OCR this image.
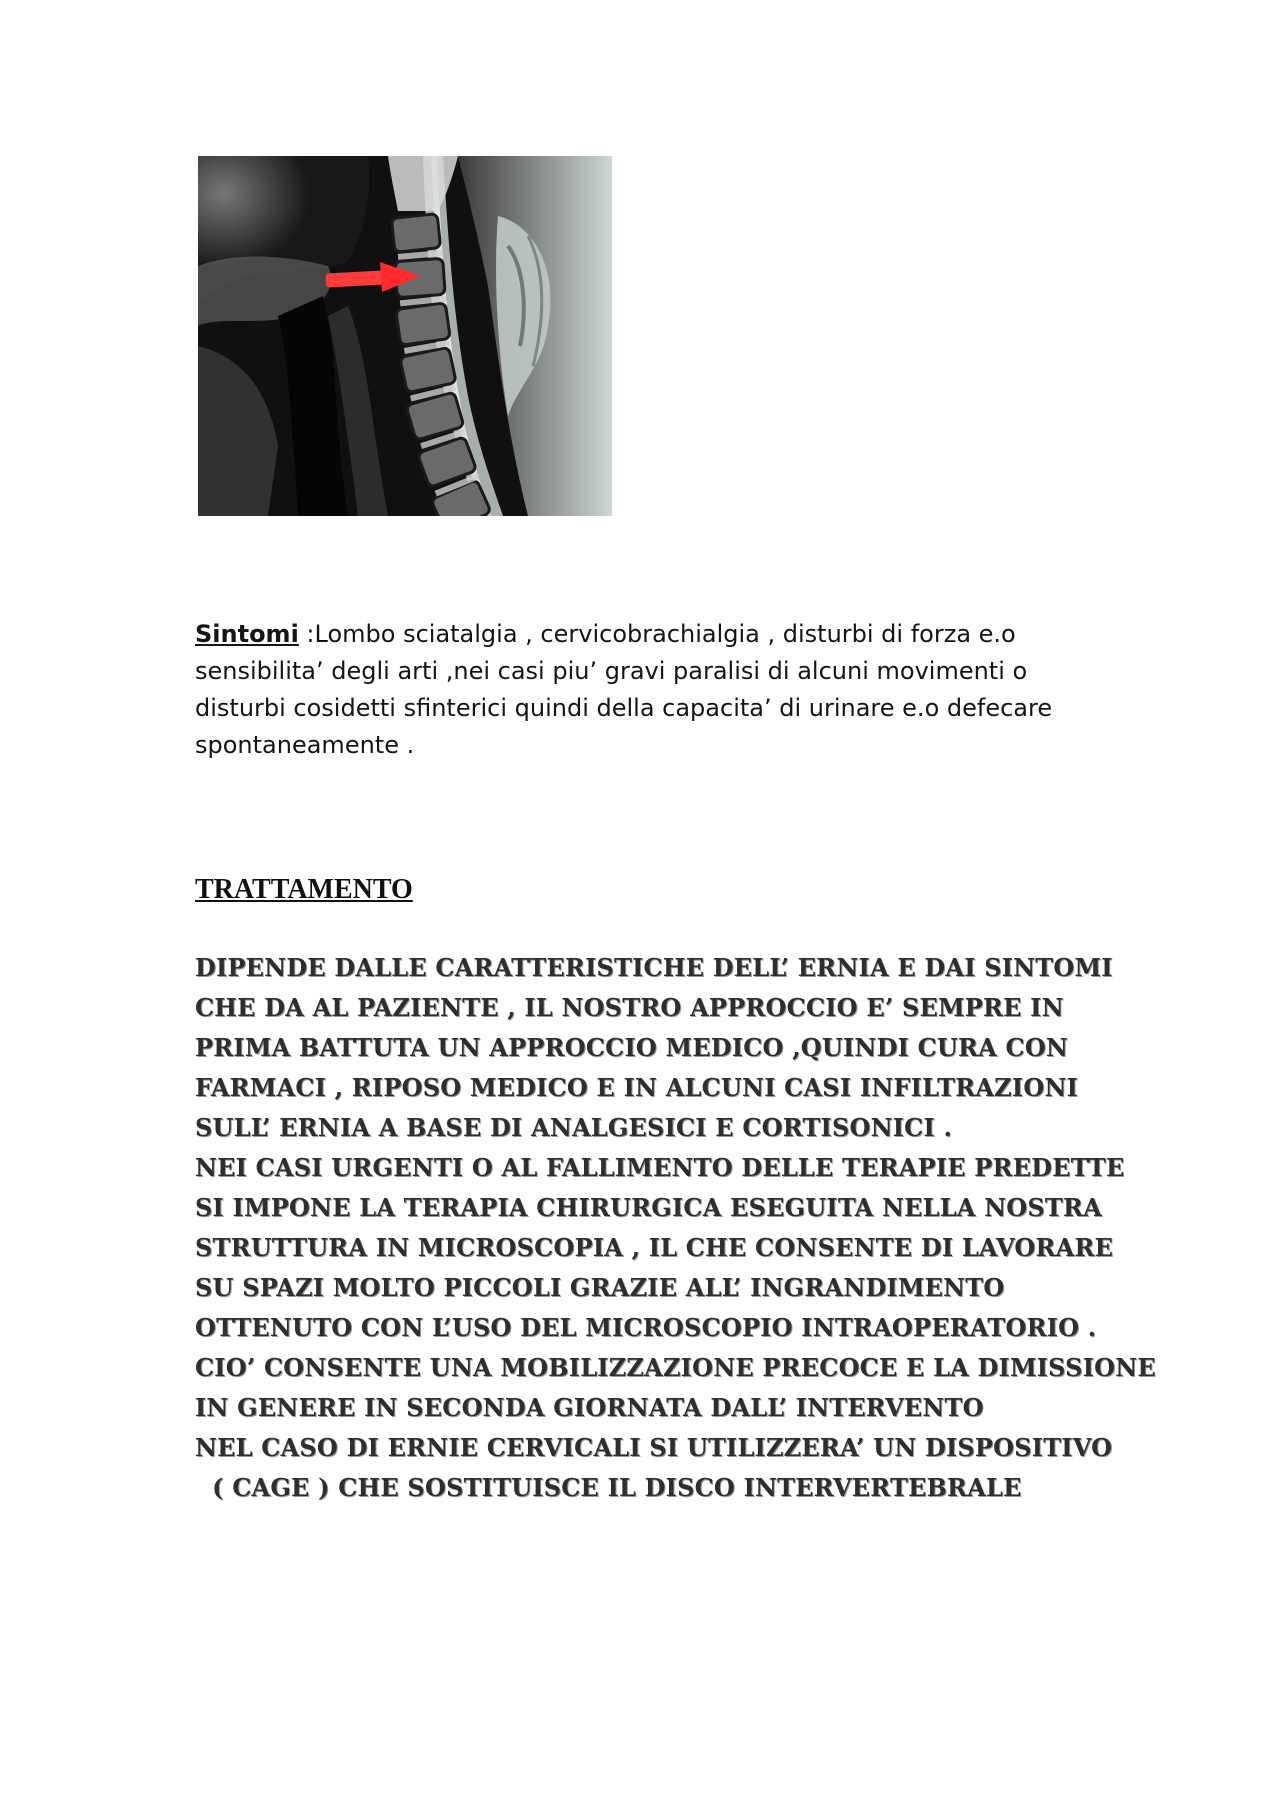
Sintomi :Lombo sciatalgia , cervicobrachialgia , disturbi di forza e.o sensibilita’ degli arti ,nei casi piu’ gravi paralisi di alcuni movimenti o disturbi cosidetti sfinterici quindi della capacita’ di urinare e.o defecare spontaneamente .
TRATTAMENTO
DIPENDE DALLE CARATTERISTICHE DELL’ ERNIA E DAI SINTOMI
CHE DA AL PAZIENTE , IL NOSTRO APPROCCIO E’ SEMPRE IN
PRIMA BATTUTA UN APPROCCIO MEDICO ,QUINDI CURA CON
FARMACI , RIPOSO MEDICO E IN ALCUNI CASI INFILTRAZIONI
SULL’ ERNIA A BASE DI ANALGESICI E CORTISONICI .
NEI CASI URGENTI O AL FALLIMENTO DELLE TERAPIE PREDETTE
SI IMPONE LA TERAPIA CHIRURGICA ESEGUITA NELLA NOSTRA
STRUTTURA IN MICROSCOPIA , IL CHE CONSENTE DI LAVORARE
SU SPAZI MOLTO PICCOLI GRAZIE ALL’ INGRANDIMENTO
OTTENUTO CON L’USO DEL MICROSCOPIO INTRAOPERATORIO .
CIO’ CONSENTE UNA MOBILIZZAZIONE PRECOCE E LA DIMISSIONE
IN GENERE IN SECONDA GIORNATA DALL’ INTERVENTO
NEL CASO DI ERNIE CERVICALI SI UTILIZZERA’ UN DISPOSITIVO
( CAGE ) CHE SOSTITUISCE IL DISCO INTERVERTEBRALE
